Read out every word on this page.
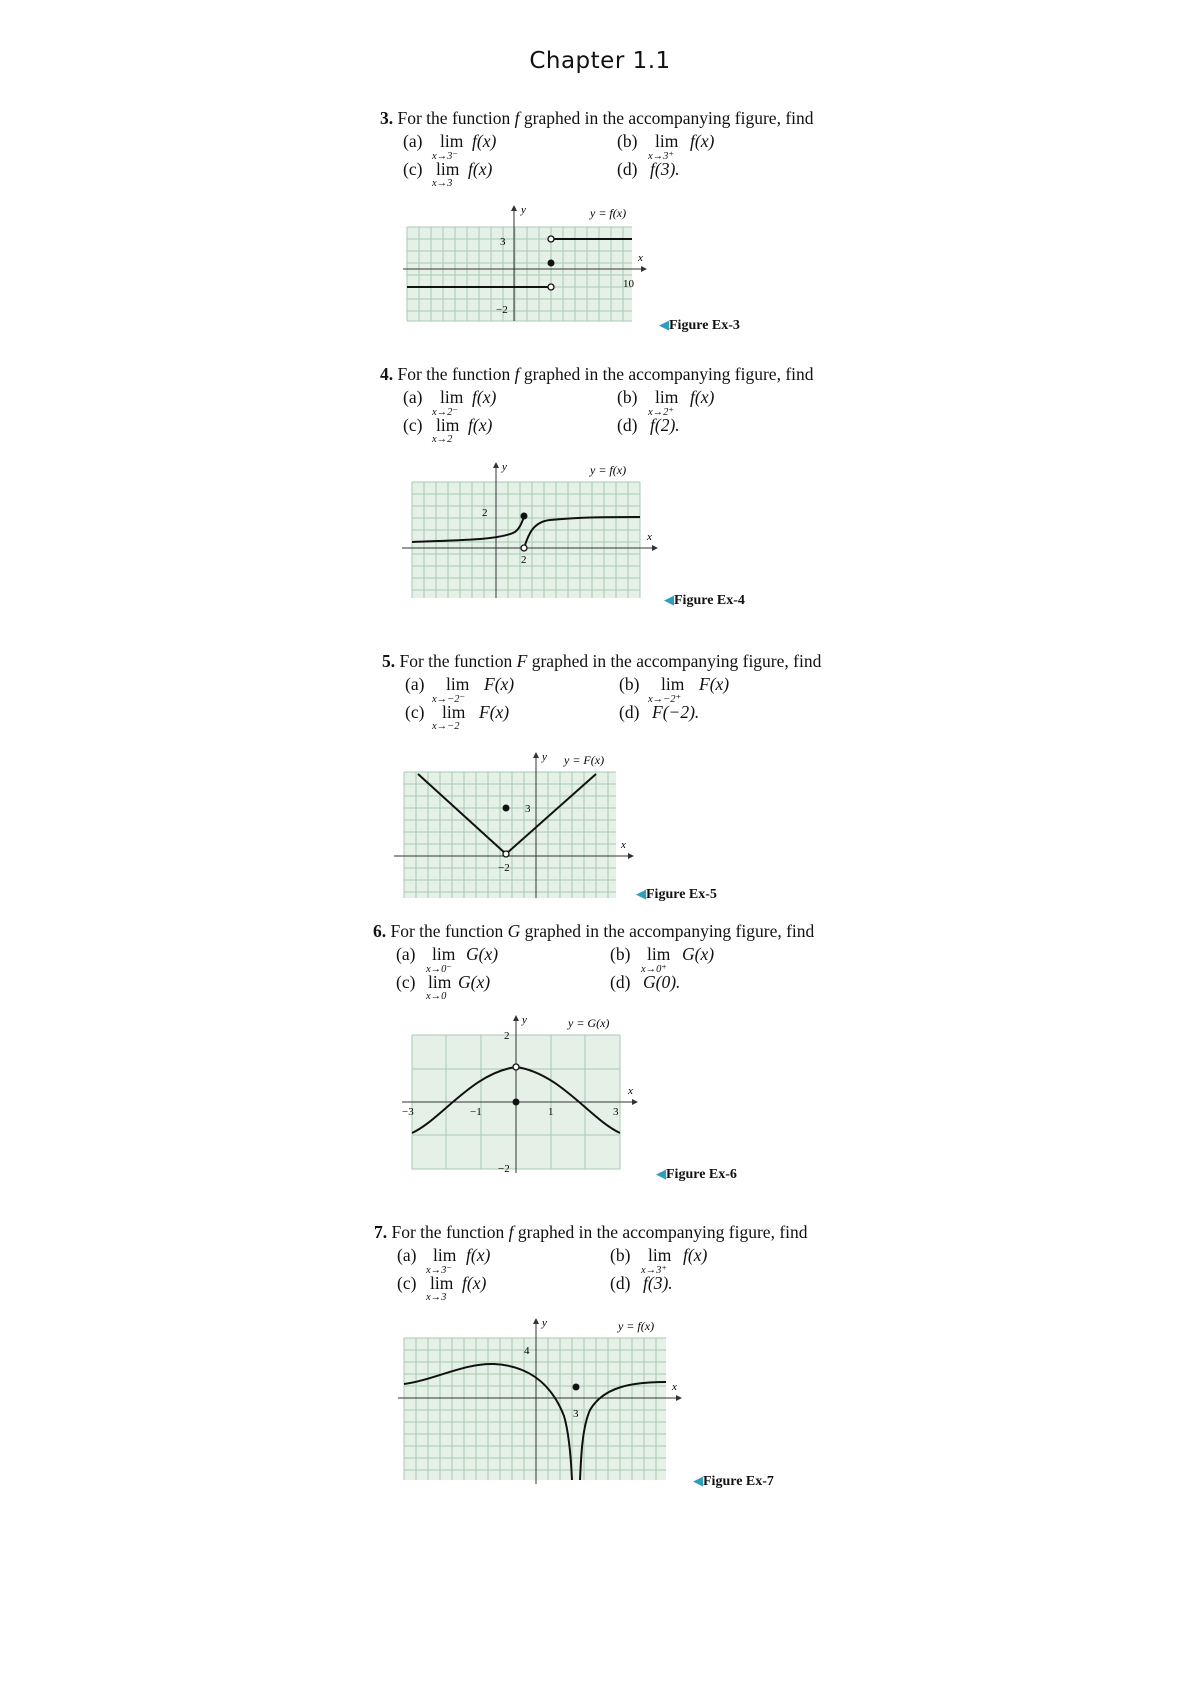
Chapter 1.1
3. For the function f graphed in the accompanying figure, find
(a) lim f(x)
x→3⁻
(b) lim f(x)
x→3⁺
(c) lim f(x)
x→3
(d) f(3).
3
−2
10
x
y	y = f(x)
◀Figure Ex-3
4. For the function f graphed in the accompanying figure, find
(a) lim f(x)
x→2⁻
(b) lim f(x)
x→2⁺
(c) lim f(x)
x→2
(d) f(2).
2
2
x
y	y = f(x)
◀Figure Ex-4
5. For the function F graphed in the accompanying figure, find
(a) lim F(x)
x→−2⁻
(b) lim F(x)
x→−2⁺
(c) lim F(x)
x→−2
(d) F(−2).
3
−2
x
y y = F(x)
◀Figure Ex-5
6. For the function G graphed in the accompanying figure, find
(a) lim G(x)
x→0⁻
(b) lim G(x)
x→0⁺
(c) lim G(x)
x→0
(d) G(0).
2
−3	−1	1	3
−2
x
y	y = G(x)
◀Figure Ex-6
7. For the function f graphed in the accompanying figure, find
(a) lim f(x)
x→3⁻
(b) lim f(x)
x→3⁺
(c) lim f(x)
x→3
(d) f(3).
4
3
x
y	y = f(x)
◀Figure Ex-7
